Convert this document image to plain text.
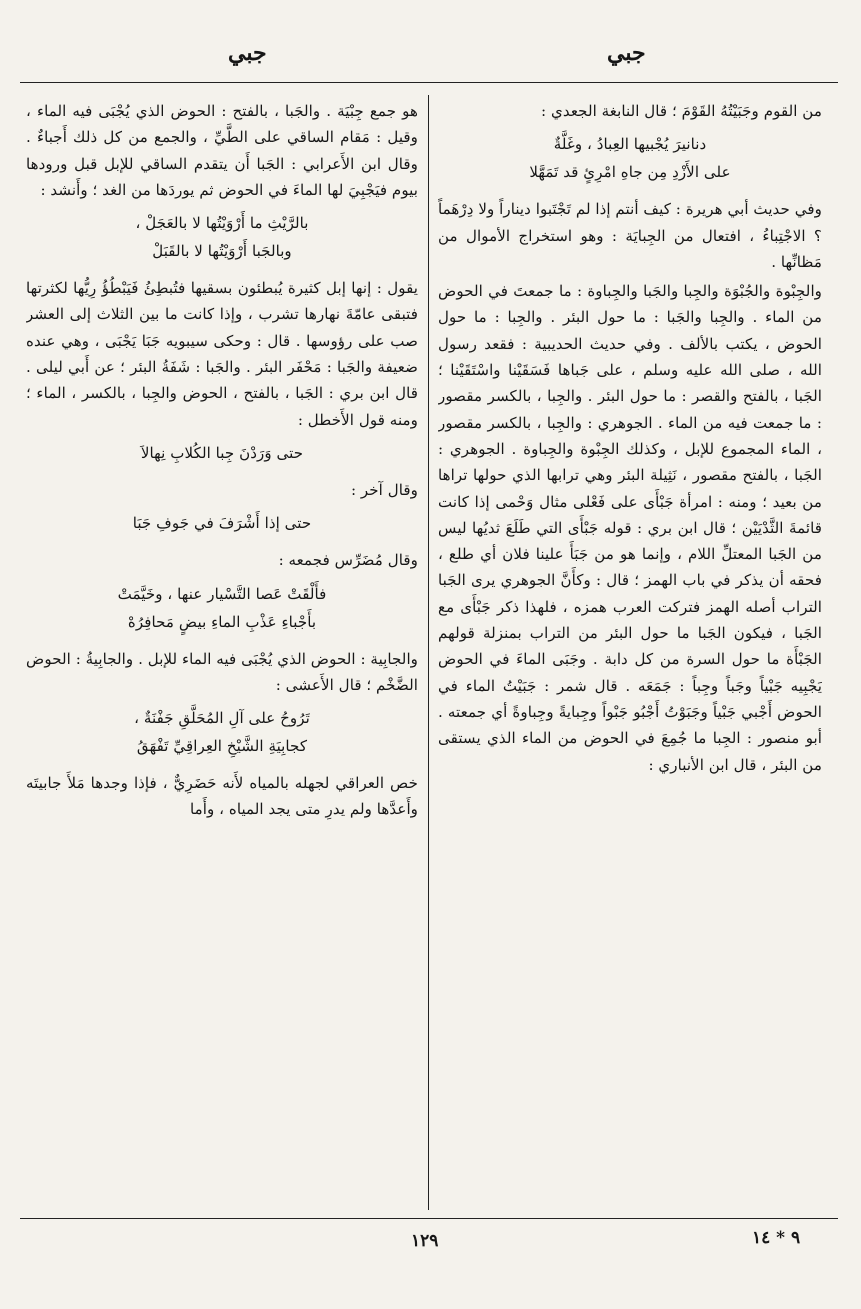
جبي
جبي

من القوم وجَبَيْتُهُ القَوْمَ ؛ قال النابغة الجعدي :

دنانيرَ يُجْبيها العِبادُ ، وغَلَّةٌ
على الأَزْدِ مِن جاهِ امْرِئٍ قد تَمَهَّلا

وفي حديث أبي هريرة : كيف أنتم إذا لم تَجْتَبوا ديناراً ولا دِرْهَماً ؟ الاجْتِباءُ ، افتعال من الجِبايَة : وهو استخراج الأموال من مَظانِّها .

والجِبْوة والجُبْوَة والجِبا والجَبا والجِباوة : ما جمعتَ في الحوض من الماء . والجِبا والجَبا : ما حول البئر . والجِبا : ما حول الحوض ، يكتب بالألف . وفي حديث الحديبية : فقعد رسول الله ، صلى الله عليه وسلم ، على جَباها فَسَقَيْنا واسْتَقَيْنا ؛ الجَبا ، بالفتح والقصر : ما حول البئر . والجِبا ، بالكسر مقصور : ما جمعت فيه من الماء . الجوهري : والجِبا ، بالكسر مقصور ، الماء المجموع للإبل ، وكذلك الجِبْوة والجِباوة . الجوهري : الجَبا ، بالفتح مقصور ، نَثِيلة البئر وهي ترابها الذي حولها تراها من بعيد ؛ ومنه : امرأة جَبْأَى على فَعْلى مثال وَحْمى إذا كانت قائمةَ الثَّدْيَيْن ؛ قال ابن بري : قوله جَبْأَى التي طَلَعَ ثديُها ليس من الجَبا المعتلِّ اللام ، وإنما هو من جَبَأَ علينا فلان أي طلع ، فحقه أن يذكر في باب الهمز ؛ قال : وكأَنَّ الجوهري يرى الجَبا التراب أصله الهمز فتركت العرب همزه ، فلهذا ذكر جَبْأَى مع الجَبا ، فيكون الجَبا ما حول البئر من التراب بمنزلة قولهم الجَبْأَة ما حول السرة من كل دابة . وجَبَى الماءَ في الحوض يَجْبِيه جَبْياً وجَباً وجِباً : جَمَعَه . قال شمر : جَبَيْتُ الماء في الحوض أَجْبي جَبْياً وجَبَوْتُ أَجْبُو جَبْواً وجِبايةً وجِباوةً أي جمعته . أبو منصور : الجِبا ما جُمِعَ في الحوض من الماء الذي يستقى من البئر ، قال ابن الأنباري :

هو جمع جِبْيَة . والجَبا ، بالفتح : الحوض الذي يُجْبَى فيه الماء ، وقيل : مَقام الساقي على الطَّيِّ ، والجمع من كل ذلك أَجباءٌ . وقال ابن الأَعرابي : الجَبا أَن يتقدم الساقي للإبل قبل ورودها بيوم فيَجْبِيَ لها الماءَ في الحوض ثم يوردَها من الغد ؛ وأَنشد :

بالرَّيْثِ ما أَرْوَيْتُها لا بالعَجَلْ ،
وبالجَبا أَرْوَيْتُها لا بالقَبَلْ

يقول : إنها إبل كثيرة يُبطئون بسقيها فتُبطِئُ فَيَبْطُؤُ رِيُّها لكثرتها فتبقى عامّةَ نهارها تشرب ، وإذا كانت ما بين الثلاث إلى العشر صب على رؤوسها . قال : وحكى سيبويه جَبَا يَجْبَى ، وهي عنده ضعيفة والجَبا : مَحْفَر البئر . والجَبا : شَفَةُ البئر ؛ عن أَبي ليلى . قال ابن بري : الجَبا ، بالفتح ، الحوض والجِبا ، بالكسر ، الماء ؛ ومنه قول الأَخطل :

حتى وَرَدْنَ جِبا الكُلابِ نِهالاَ

وقال آخر :

حتى إذا أَشْرَفَ في جَوفِ جَبَا

وقال مُضَرِّس فجمعه :

فأَلْقَتْ عَصا التَّسْيار عنها ، وخَيَّمَتْ
بأَجْباءِ عَذْبِ الماءِ بيضٍ مَحافِرُهْ

والجابِية : الحوض الذي يُجْبَى فيه الماء للإبل . والجابِيةُ : الحوض الضَّخْم ؛ قال الأَعشى :

تَرُوحُ على آلِ المُحَلَّقِ جَفْنَةٌ ،
كجابِيَةِ الشَّيْخِ العِراقِيِّ تَفْهَقُ

خص العراقي لجهله بالمياه لأَنه حَضَرِيٌّ ، فإذا وجدها مَلأَ جابيتَه وأَعدَّها ولم يدرِ متى يجد المياه ، وأَما

١٢٩	٩ * ١٤
